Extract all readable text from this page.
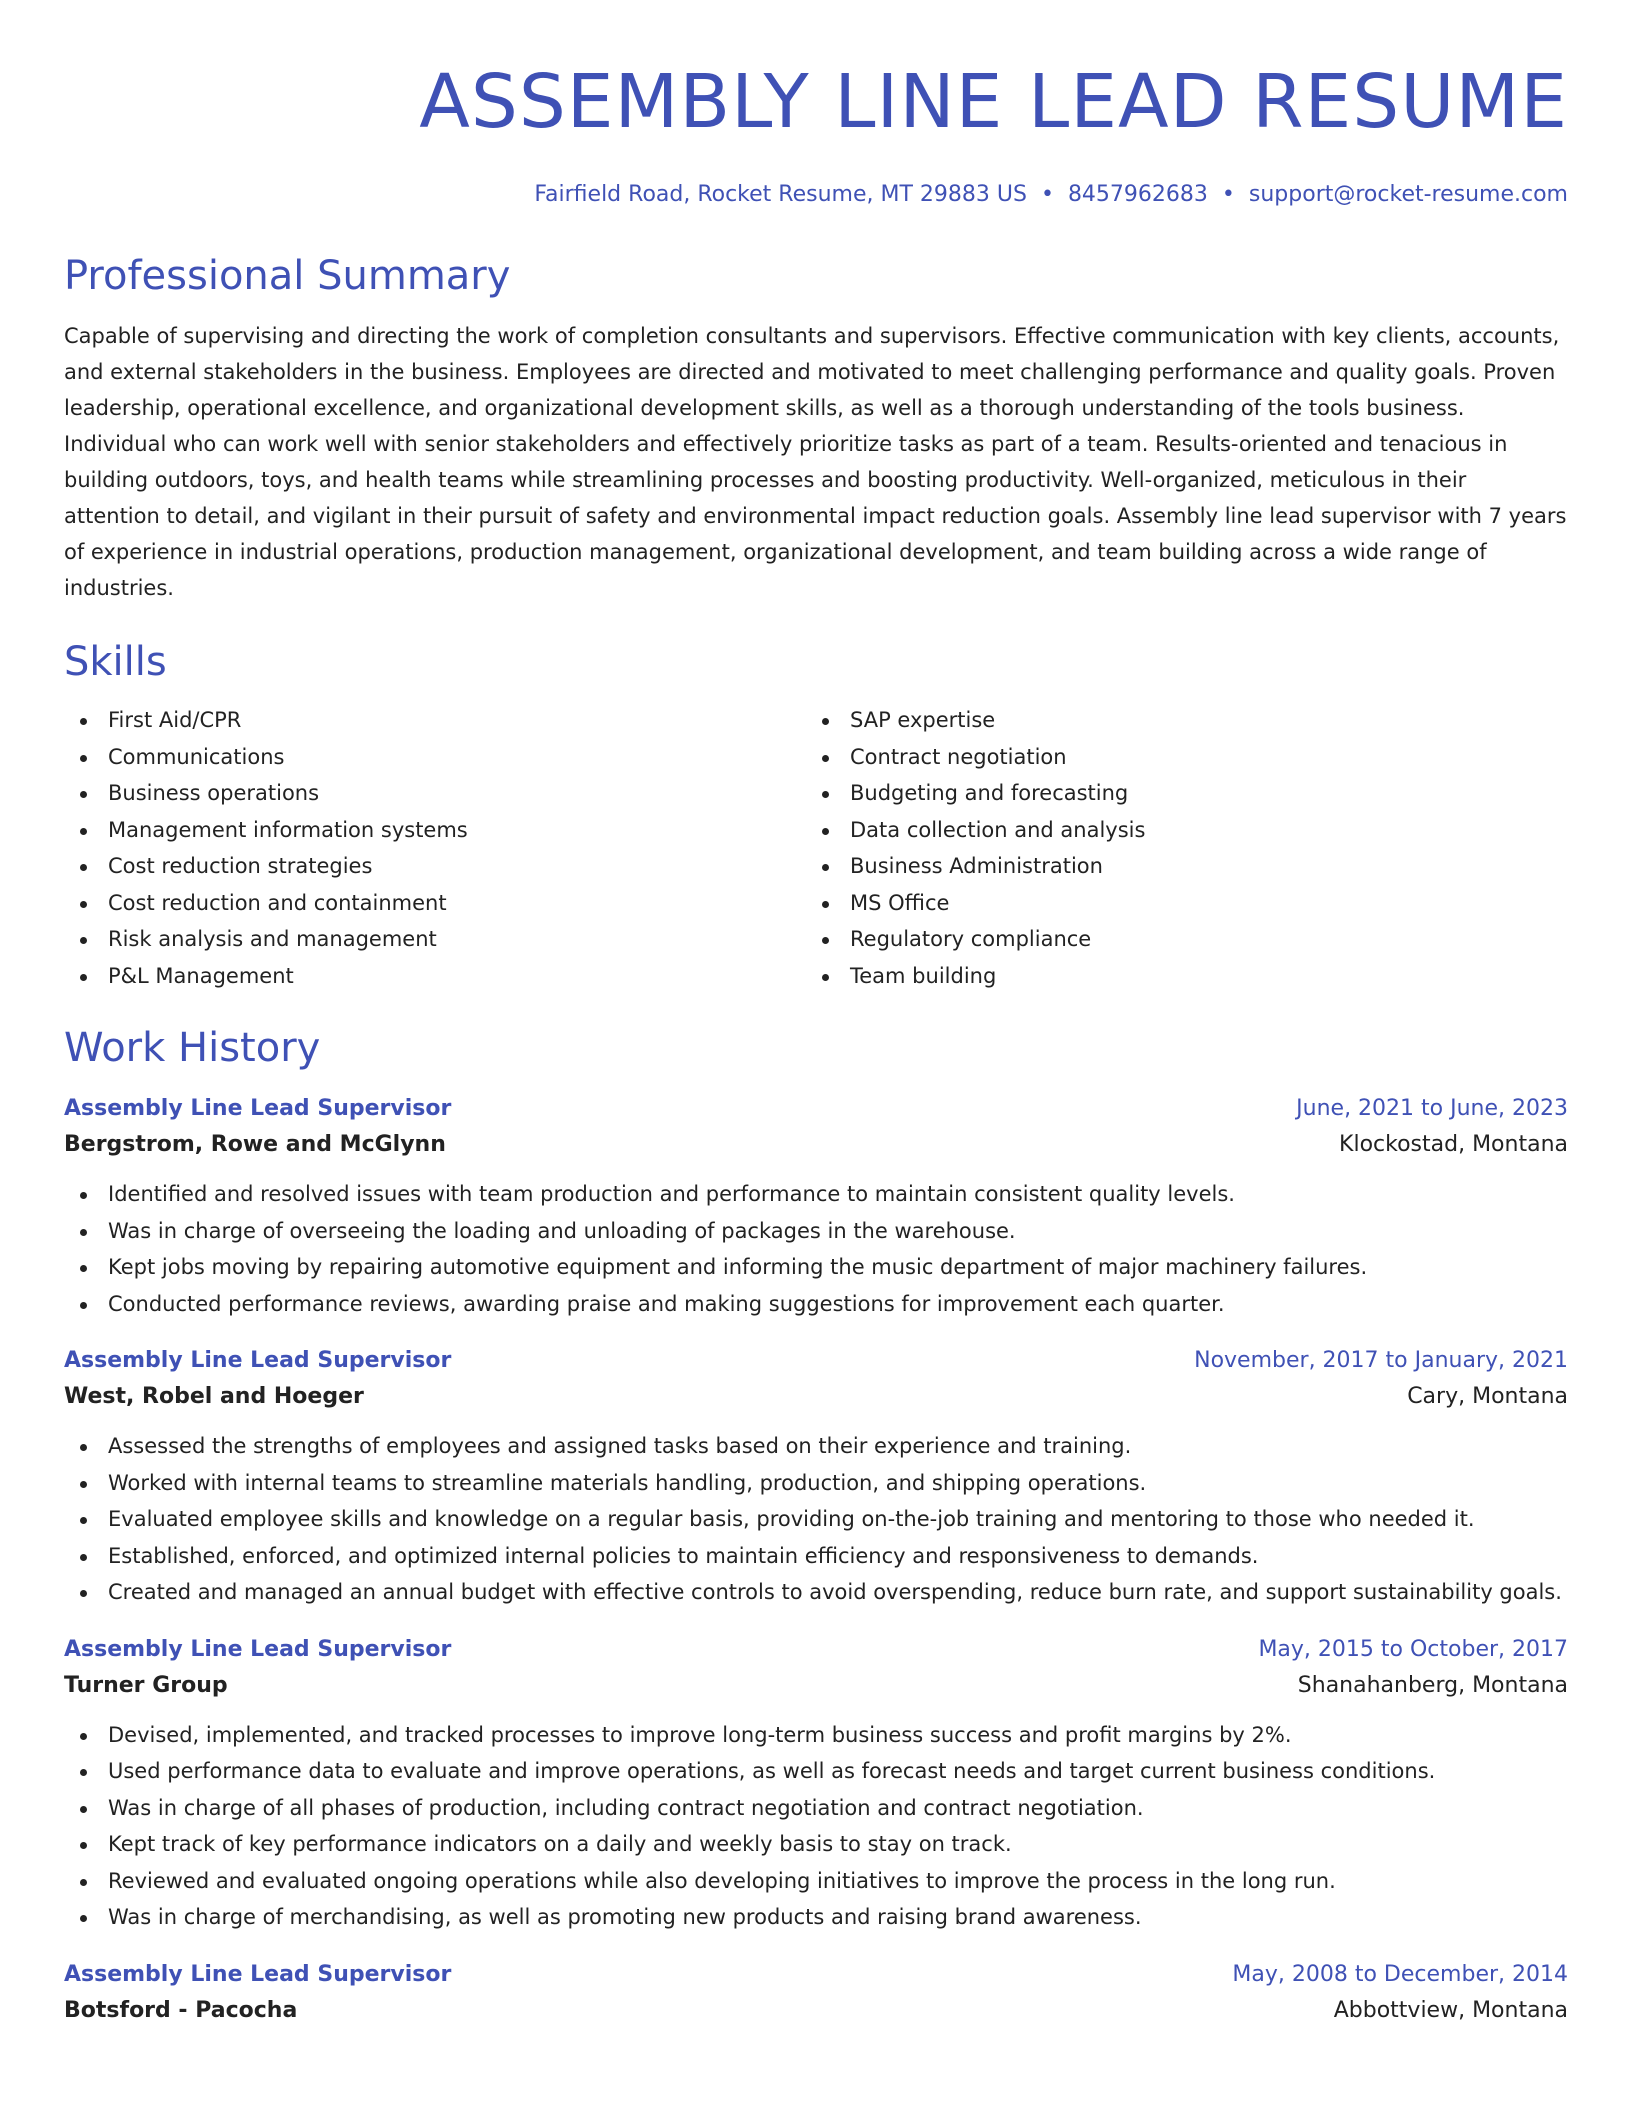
ASSEMBLY LINE LEAD RESUME
Fairfield Road, Rocket Resume, MT 29883 US • 8457962683 • support@rocket-resume.com
Professional Summary
Capable of supervising and directing the work of completion consultants and supervisors. Effective communication with key clients, accounts, and external stakeholders in the business. Employees are directed and motivated to meet challenging performance and quality goals. Proven leadership, operational excellence, and organizational development skills, as well as a thorough understanding of the tools business. Individual who can work well with senior stakeholders and effectively prioritize tasks as part of a team. Results-oriented and tenacious in building outdoors, toys, and health teams while streamlining processes and boosting productivity. Well-organized, meticulous in their attention to detail, and vigilant in their pursuit of safety and environmental impact reduction goals. Assembly line lead supervisor with 7 years of experience in industrial operations, production management, organizational development, and team building across a wide range of industries.
Skills
First Aid/CPR
Communications
Business operations
Management information systems
Cost reduction strategies
Cost reduction and containment
Risk analysis and management
P&L Management
SAP expertise
Contract negotiation
Budgeting and forecasting
Data collection and analysis
Business Administration
MS Office
Regulatory compliance
Team building
Work History
Assembly Line Lead Supervisor	June, 2021 to June, 2023
Bergstrom, Rowe and McGlynn	Klockostad, Montana
Identified and resolved issues with team production and performance to maintain consistent quality levels.
Was in charge of overseeing the loading and unloading of packages in the warehouse.
Kept jobs moving by repairing automotive equipment and informing the music department of major machinery failures.
Conducted performance reviews, awarding praise and making suggestions for improvement each quarter.
Assembly Line Lead Supervisor	November, 2017 to January, 2021
West, Robel and Hoeger	Cary, Montana
Assessed the strengths of employees and assigned tasks based on their experience and training.
Worked with internal teams to streamline materials handling, production, and shipping operations.
Evaluated employee skills and knowledge on a regular basis, providing on-the-job training and mentoring to those who needed it.
Established, enforced, and optimized internal policies to maintain efficiency and responsiveness to demands.
Created and managed an annual budget with effective controls to avoid overspending, reduce burn rate, and support sustainability goals.
Assembly Line Lead Supervisor	May, 2015 to October, 2017
Turner Group	Shanahanberg, Montana
Devised, implemented, and tracked processes to improve long-term business success and profit margins by 2%.
Used performance data to evaluate and improve operations, as well as forecast needs and target current business conditions.
Was in charge of all phases of production, including contract negotiation and contract negotiation.
Kept track of key performance indicators on a daily and weekly basis to stay on track.
Reviewed and evaluated ongoing operations while also developing initiatives to improve the process in the long run.
Was in charge of merchandising, as well as promoting new products and raising brand awareness.
Assembly Line Lead Supervisor	May, 2008 to December, 2014
Botsford - Pacocha	Abbottview, Montana
